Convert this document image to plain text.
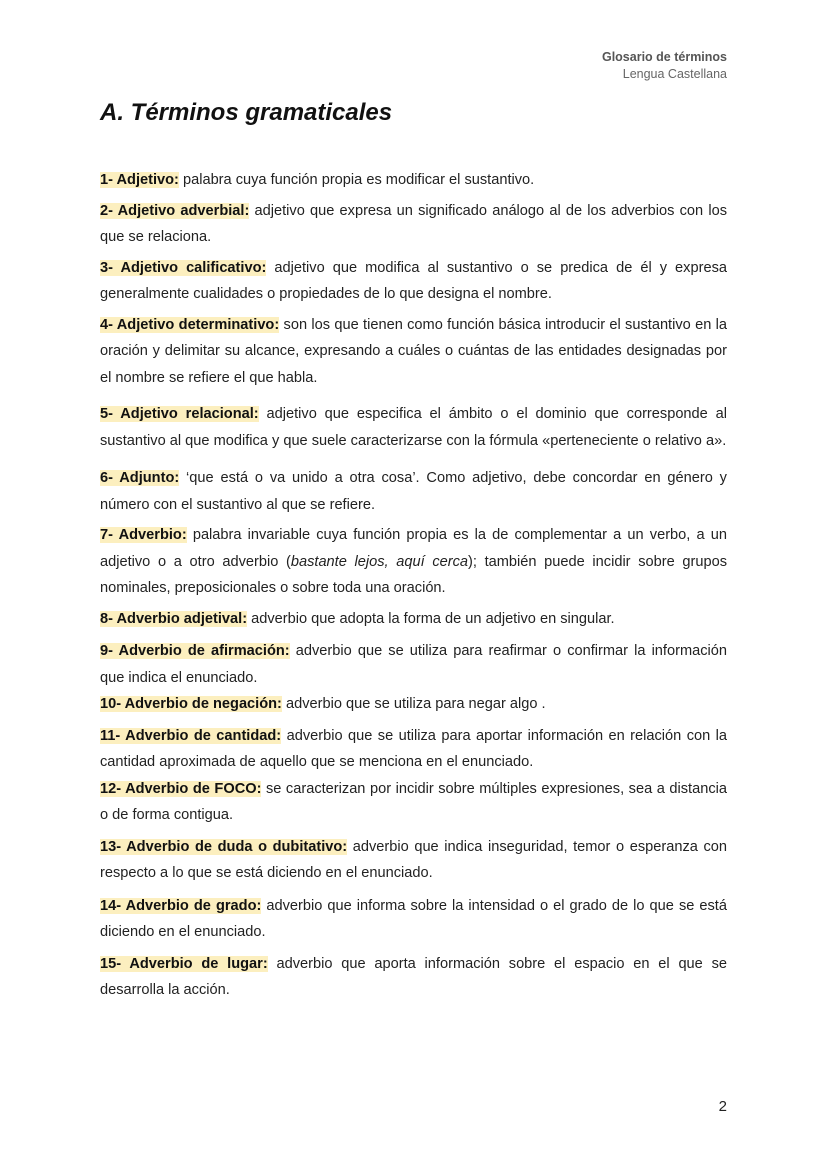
Glosario de términos
Lengua Castellana
A. Términos gramaticales

1- Adjetivo: palabra cuya función propia es modificar el sustantivo.

2- Adjetivo adverbial: adjetivo que expresa un significado análogo al de los adverbios con los que se relaciona.

3- Adjetivo calificativo: adjetivo que modifica al sustantivo o se predica de él y expresa generalmente cualidades o propiedades de lo que designa el nombre.

4- Adjetivo determinativo: son los que tienen como función básica introducir el sustantivo en la oración y delimitar su alcance, expresando a cuáles o cuántas de las entidades designadas por el nombre se refiere el que habla.

5- Adjetivo relacional: adjetivo que especifica el ámbito o el dominio que corresponde al sustantivo al que modifica y que suele caracterizarse con la fórmula «perteneciente o relativo a».

6- Adjunto: ‘que está o va unido a otra cosa’. Como adjetivo, debe concordar en género y número con el sustantivo al que se refiere.

7- Adverbio: palabra invariable cuya función propia es la de complementar a un verbo, a un adjetivo o a otro adverbio (bastante lejos, aquí cerca); también puede incidir sobre grupos nominales, preposicionales o sobre toda una oración.

8- Adverbio adjetival: adverbio que adopta la forma de un adjetivo en singular.

9- Adverbio de afirmación: adverbio que se utiliza para reafirmar o confirmar la información que indica el enunciado.

10- Adverbio de negación: adverbio que se utiliza para negar algo .

11- Adverbio de cantidad: adverbio que se utiliza para aportar información en relación con la cantidad aproximada de aquello que se menciona en el enunciado.

12- Adverbio de FOCO: se caracterizan por incidir sobre múltiples expresiones, sea a distancia o de forma contigua.

13- Adverbio de duda o dubitativo: adverbio que indica inseguridad, temor o esperanza con respecto a lo que se está diciendo en el enunciado.

14- Adverbio de grado: adverbio que informa sobre la intensidad o el grado de lo que se está diciendo en el enunciado.

15- Adverbio de lugar: adverbio que aporta información sobre el espacio en el que se desarrolla la acción.

2
